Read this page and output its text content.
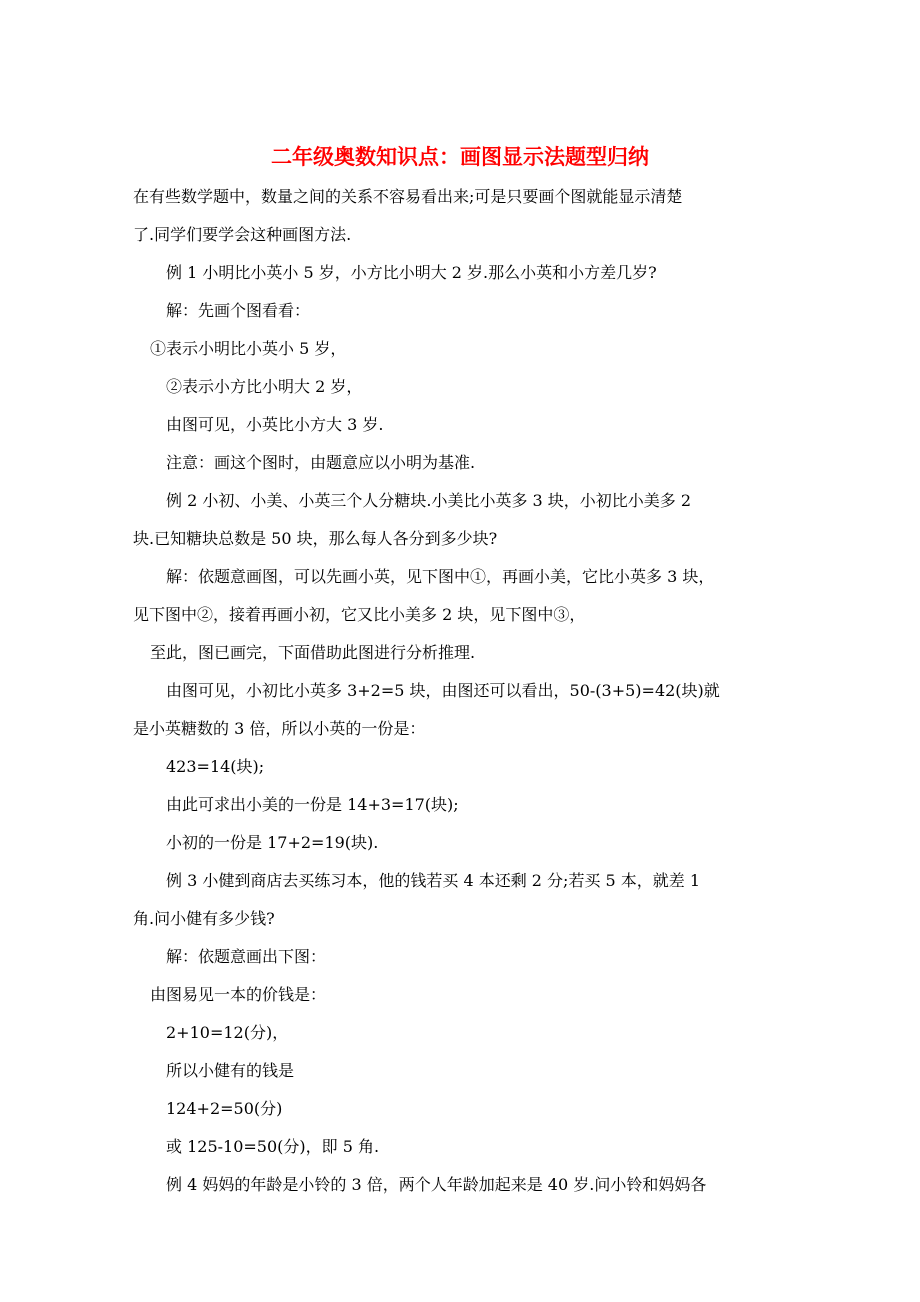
二年级奥数知识点：画图显示法题型归纳
在有些数学题中，数量之间的关系不容易看出来;可是只要画个图就能显示清楚
了.同学们要学会这种画图方法.
例 1 小明比小英小 5 岁，小方比小明大 2 岁.那么小英和小方差几岁?
解：先画个图看看：
①表示小明比小英小 5 岁，
②表示小方比小明大 2 岁，
由图可见，小英比小方大 3 岁.
注意：画这个图时，由题意应以小明为基准.
例 2 小初、小美、小英三个人分糖块.小美比小英多 3 块，小初比小美多 2
块.已知糖块总数是 50 块，那么每人各分到多少块?
解：依题意画图，可以先画小英，见下图中①，再画小美，它比小英多 3 块，
见下图中②，接着再画小初，它又比小美多 2 块，见下图中③，
至此，图已画完，下面借助此图进行分析推理.
由图可见，小初比小英多 3+2=5 块，由图还可以看出，50-(3+5)=42(块)就
是小英糖数的 3 倍，所以小英的一份是：
423=14(块);
由此可求出小美的一份是 14+3=17(块);
小初的一份是 17+2=19(块).
例 3 小健到商店去买练习本，他的钱若买 4 本还剩 2 分;若买 5 本，就差 1
角.问小健有多少钱?
解：依题意画出下图：
由图易见一本的价钱是：
2+10=12(分)，
所以小健有的钱是
124+2=50(分)
或 125-10=50(分)，即 5 角.
例 4 妈妈的年龄是小铃的 3 倍，两个人年龄加起来是 40 岁.问小铃和妈妈各
